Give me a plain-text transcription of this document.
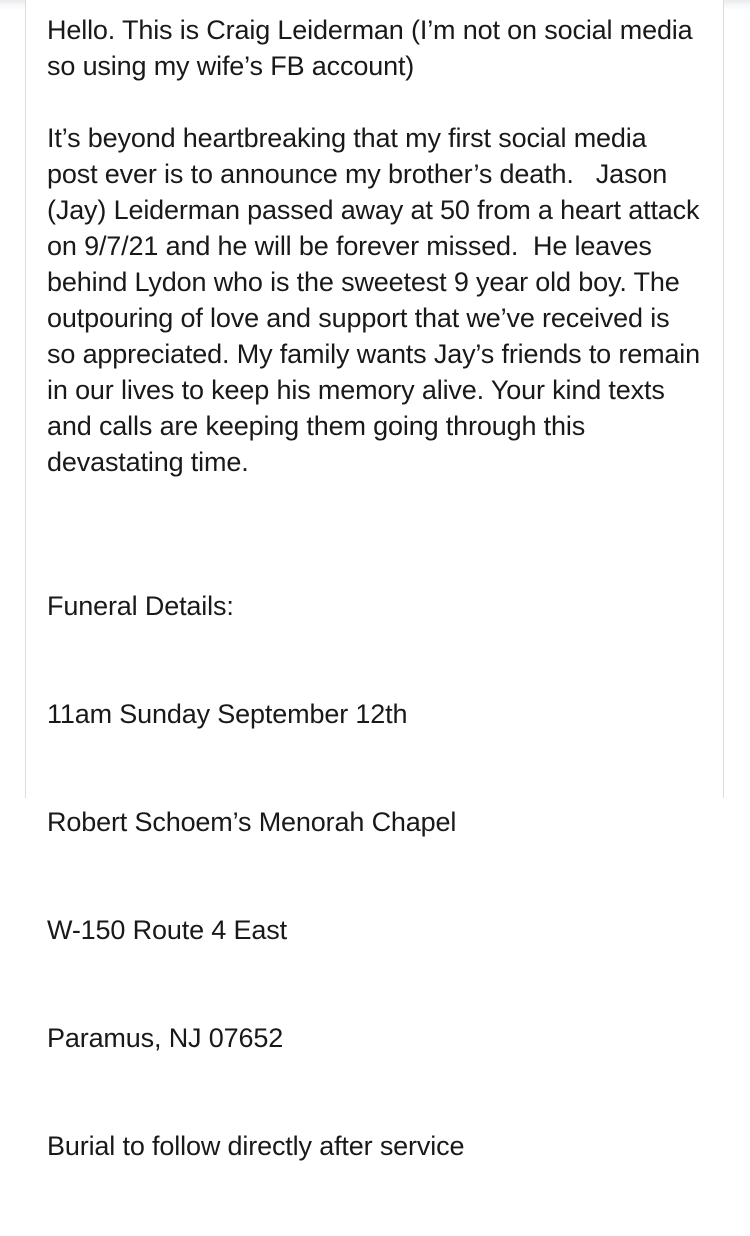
Hello. This is Craig Leiderman (I’m not on social media so using my wife’s FB account)

It’s beyond heartbreaking that my first social media post ever is to announce my brother’s death.   Jason (Jay) Leiderman passed away at 50 from a heart attack on 9/7/21 and he will be forever missed.  He leaves behind Lydon who is the sweetest 9 year old boy. The outpouring of love and support that we’ve received is so appreciated. My family wants Jay’s friends to remain in our lives to keep his memory alive. Your kind texts and calls are keeping them going through this devastating time.

Funeral Details:

11am Sunday September 12th

Robert Schoem’s Menorah Chapel

W-150 Route 4 East

Paramus, NJ 07652

Burial to follow directly after service
